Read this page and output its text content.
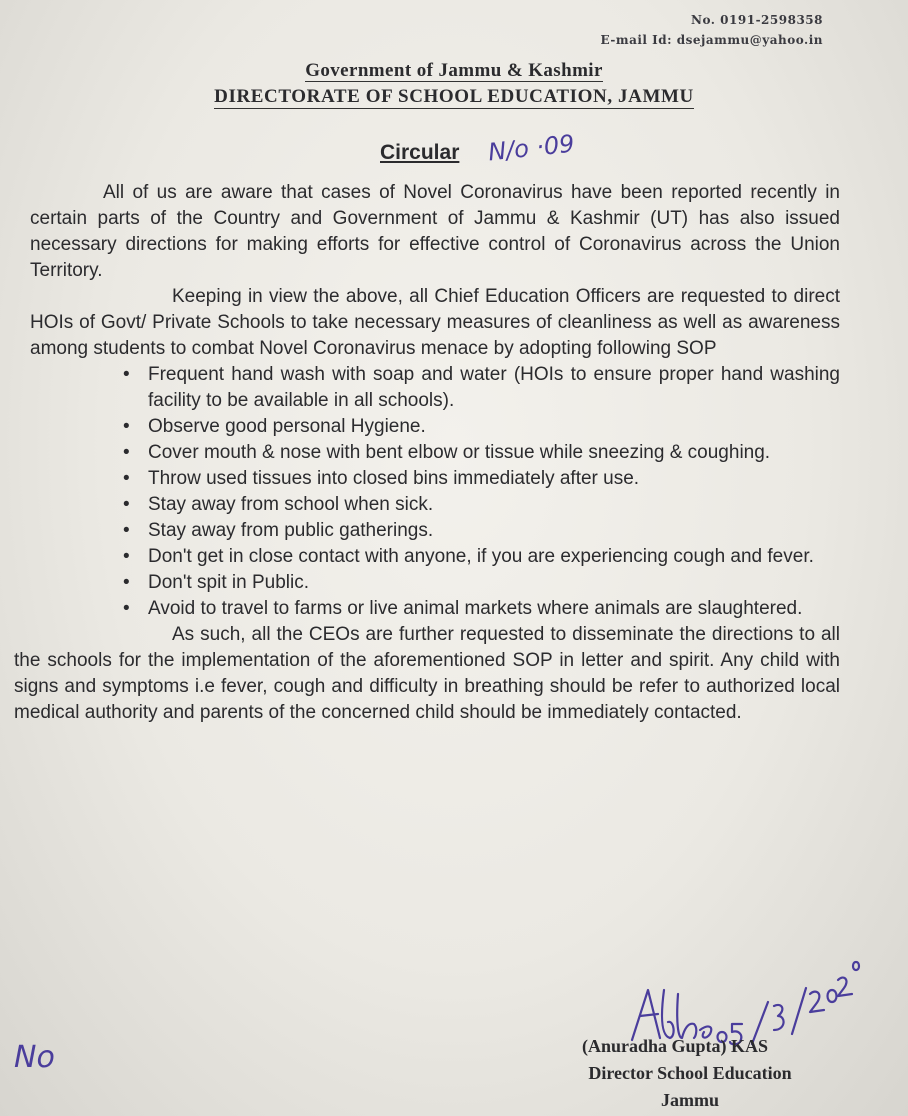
No. 0191-2598358
E-mail Id: dsejammu@yahoo.in
Government of Jammu & Kashmir
DIRECTORATE OF SCHOOL EDUCATION, JAMMU
Circular N/o ·09

All of us are aware that cases of Novel Coronavirus have been reported recently in certain parts of the Country and Government of Jammu & Kashmir (UT) has also issued necessary directions for making efforts for effective control of Coronavirus across the Union Territory.

Keeping in view the above, all Chief Education Officers are requested to direct HOIs of Govt/ Private Schools to take necessary measures of cleanliness as well as awareness among students to combat Novel Coronavirus menace by adopting following SOP

• Frequent hand wash with soap and water (HOIs to ensure proper hand washing facility to be available in all schools).
• Observe good personal Hygiene.
• Cover mouth & nose with bent elbow or tissue while sneezing & coughing.
• Throw used tissues into closed bins immediately after use.
• Stay away from school when sick.
• Stay away from public gatherings.
• Don't get in close contact with anyone, if you are experiencing cough and fever.
• Don't spit in Public.
• Avoid to travel to farms or live animal markets where animals are slaughtered.

As such, all the CEOs are further requested to disseminate the directions to all the schools for the implementation of the aforementioned SOP in letter and spirit. Any child with signs and symptoms i.e fever, cough and difficulty in breathing should be refer to authorized local medical authority and parents of the concerned child should be immediately contacted.

No	(Anuradha Gupta) KAS
Director School Education
Jammu
